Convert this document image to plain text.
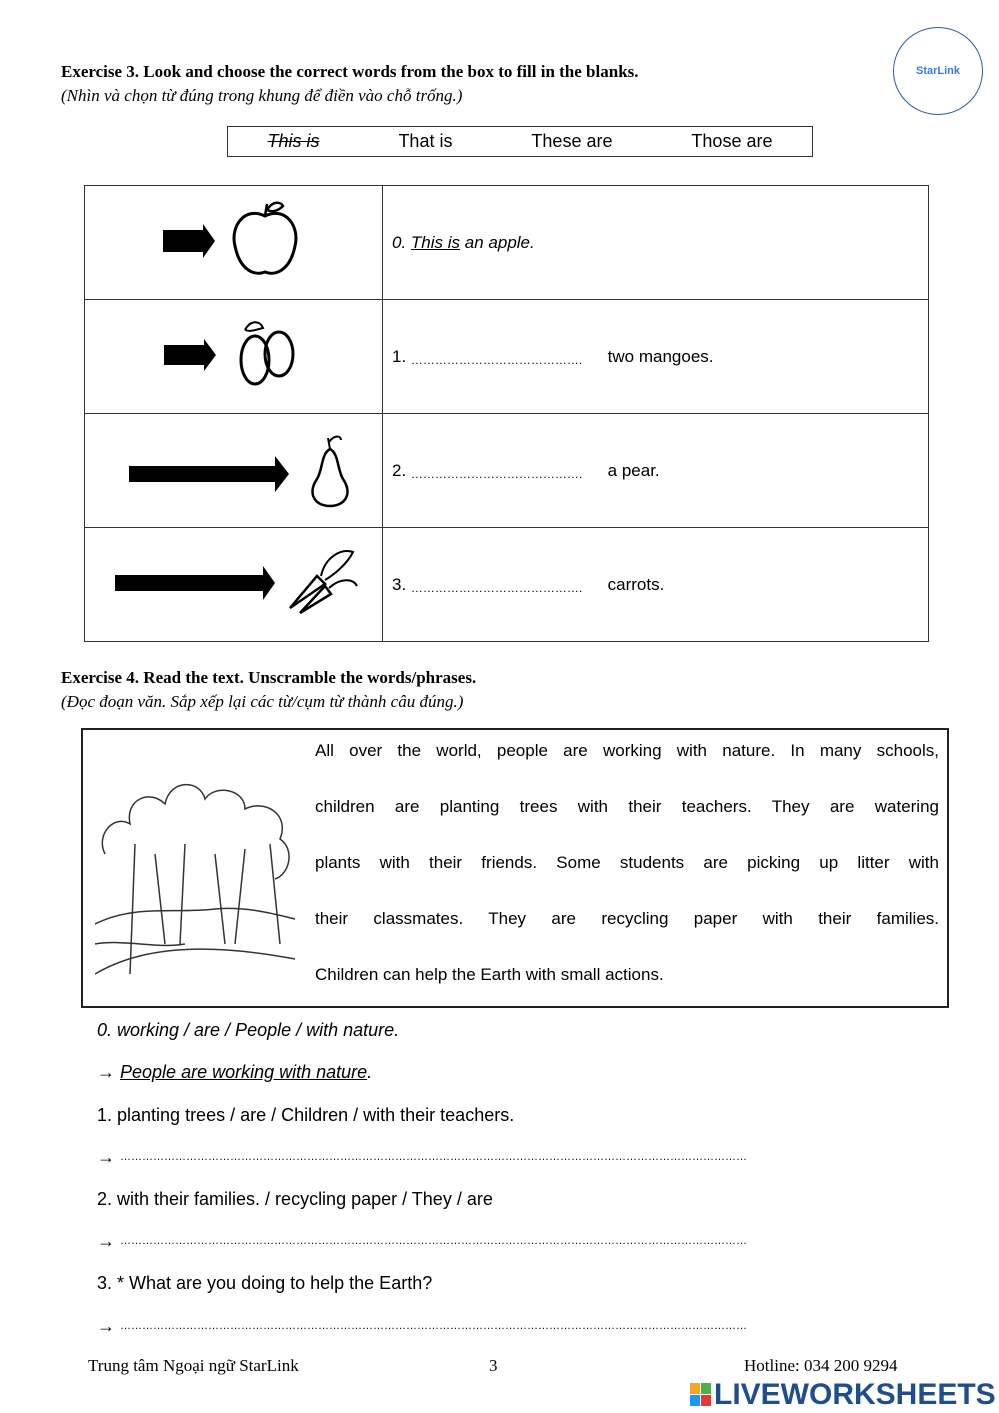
StarLink
Exercise 3. Look and choose the correct words from the box to fill in the blanks.
(Nhìn và chọn từ đúng trong khung để điền vào chỗ trống.)
This is	That is	These are	Those are
	0. This is an apple.
	1. ……………………………………. two mangoes.
	2. ……………………………………. a pear.
	3. ……………………………………. carrots.
Exercise 4. Read the text. Unscramble the words/phrases.
(Đọc đoạn văn. Sắp xếp lại các từ/cụm từ thành câu đúng.)
All over the world, people are working with nature. In many schools,
children are planting trees with their teachers. They are watering
plants with their friends. Some students are picking up litter with
their classmates. They are recycling paper with their families.
Children can help the Earth with small actions.
0. working / are / People / with nature.
→ People are working with nature.
1. planting trees / are / Children / with their teachers.
→ ………………………………………………………………………………………………………………………………………………………
2. with their families. / recycling paper / They / are
→ ………………………………………………………………………………………………………………………………………………………
3. * What are you doing to help the Earth?
→ ………………………………………………………………………………………………………………………………………………………
Trung tâm Ngoại ngữ StarLink	3	Hotline: 034 200 9294
LIVEWORKSHEETS
